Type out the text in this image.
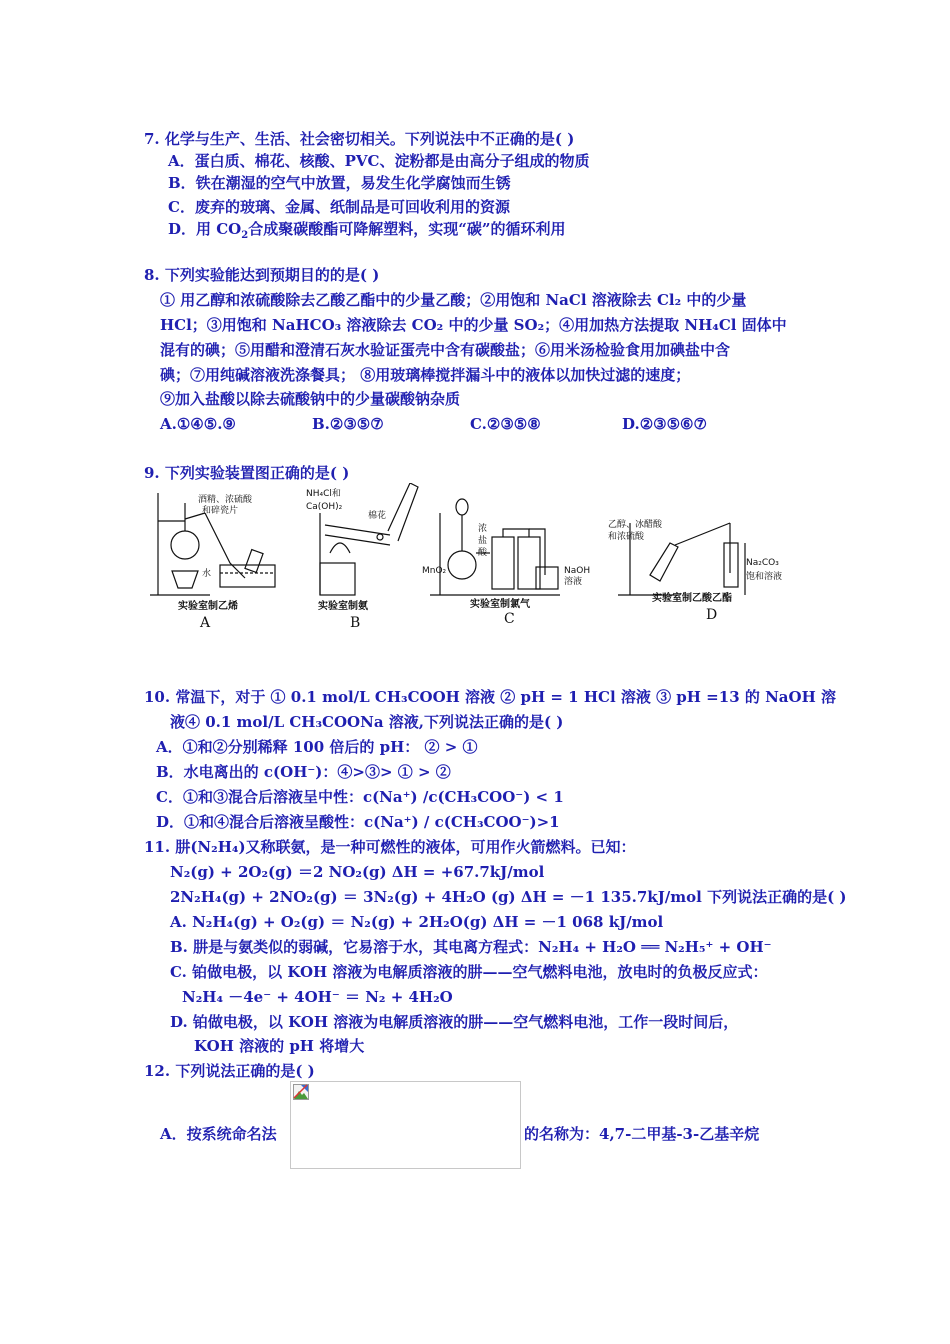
7. 化学与生产、生活、社会密切相关。下列说法中不正确的是( )
A．蛋白质、棉花、核酸、PVC、淀粉都是由高分子组成的物质
B．铁在潮湿的空气中放置，易发生化学腐蚀而生锈
C．废弃的玻璃、金属、纸制品是可回收利用的资源
D．用 $CO_2$合成聚碳酸酯可降解塑料，实现“碳”的循环利用
8. 下列实验能达到预期目的的是( )
① 用乙醇和浓硫酸除去乙酸乙酯中的少量乙酸；②用饱和 NaCl 溶液除去 Cl₂ 中的少量
HCl；③用饱和 NaHCO₃ 溶液除去 CO₂ 中的少量 SO₂；④用加热方法提取 NH₄Cl 固体中
混有的碘；⑤用醋和澄清石灰水验证蛋壳中含有碳酸盐；⑥用米汤检验食用加碘盐中含
碘；⑦用纯碱溶液洗涤餐具； ⑧用玻璃棒搅拌漏斗中的液体以加快过滤的速度；
⑨加入盐酸以除去硫酸钠中的少量碳酸钠杂质
A.①④⑤.⑨	B.②③⑤⑦	C.②③⑤⑧	D.②③⑤⑥⑦
9. 下列实验装置图正确的是( )
酒精、浓硫酸
和碎瓷片
水
实验室制乙烯
A
NH₄Cl和
Ca(OH)₂
棉花
实验室制氨
B
浓
盐
酸
MnO₂	NaOH
溶液
实验室制氯气
C
乙醇、冰醋酸
和浓硫酸
Na₂CO₃
饱和溶液
实验室制乙酸乙酯
D
10. 常温下，对于 ① 0.1 mol/L CH₃COOH 溶液 ② pH = 1 HCl 溶液 ③ pH =13 的 NaOH 溶
液④ 0.1 mol/L CH₃COONa 溶液,下列说法正确的是( )
A．①和②分别稀释 100 倍后的 pH： ② > ①
B．水电离出的 c(OH⁻)：④>③> ① > ②
C．①和③混合后溶液呈中性：c(Na⁺) /c(CH₃COO⁻) < 1
D．①和④混合后溶液呈酸性：c(Na⁺) / c(CH₃COO⁻)>1
11. 肼(N₂H₄)又称联氨，是一种可燃性的液体，可用作火箭燃料。已知：
N₂(g) + 2O₂(g) ＝2 NO₂(g) ΔH = +67.7kJ/mol
2N₂H₄(g) + 2NO₂(g) ＝ 3N₂(g) + 4H₂O (g) ΔH = －1 135.7kJ/mol 下列说法正确的是( )
A. N₂H₄(g) + O₂(g) ＝ N₂(g) + 2H₂O(g) ΔH = －1 068 kJ/mol
B. 肼是与氨类似的弱碱，它易溶于水，其电离方程式：N₂H₄ + H₂O ══ N₂H₅⁺ + OH⁻
C. 铂做电极，以 KOH 溶液为电解质溶液的肼——空气燃料电池，放电时的负极反应式：
N₂H₄ －4e⁻ + 4OH⁻ ＝ N₂ + 4H₂O
D. 铂做电极，以 KOH 溶液为电解质溶液的肼——空气燃料电池，工作一段时间后，
KOH 溶液的 pH 将增大
12. 下列说法正确的是( )
A．按系统命名法	的名称为：4,7-二甲基-3-乙基辛烷
